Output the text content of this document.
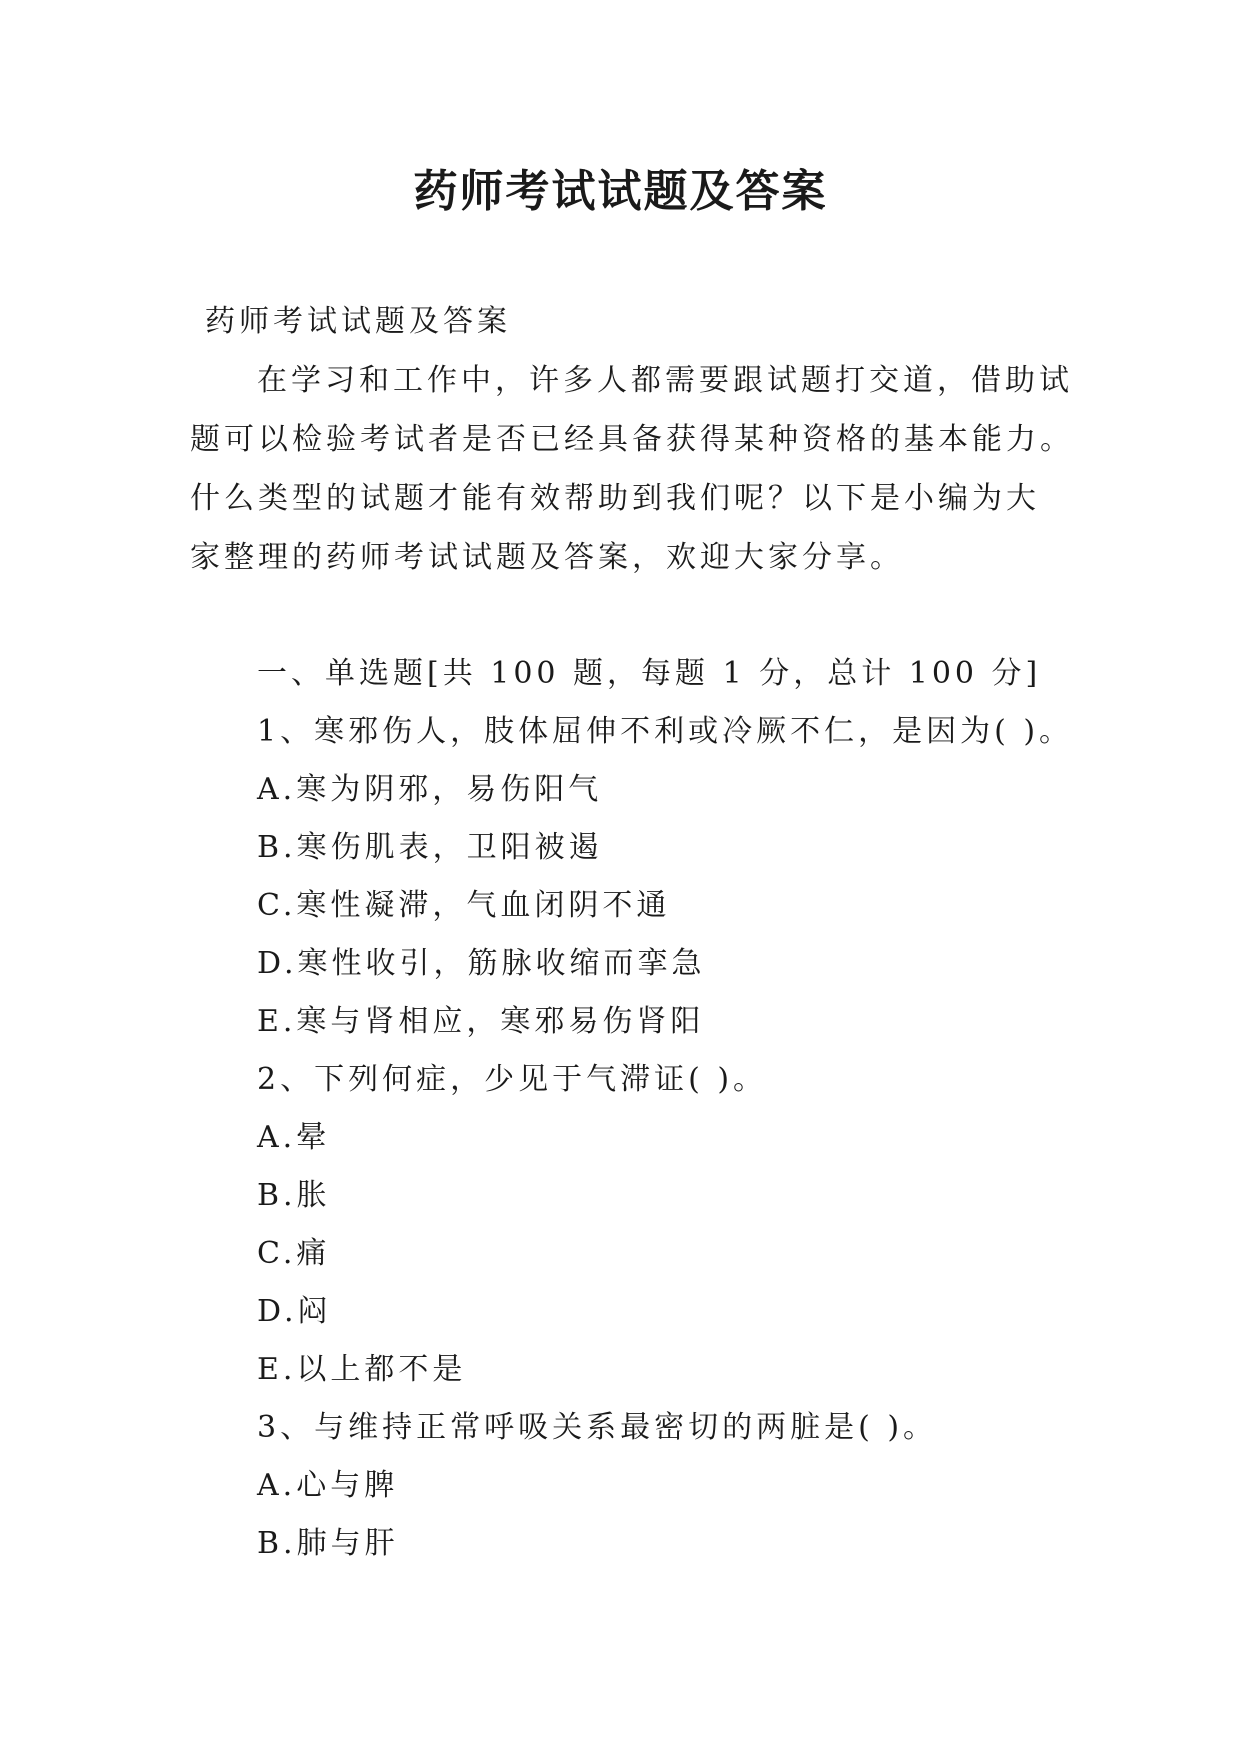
药师考试试题及答案
药师考试试题及答案
在学习和工作中，许多人都需要跟试题打交道，借助试
题可以检验考试者是否已经具备获得某种资格的基本能力。
什么类型的试题才能有效帮助到我们呢？以下是小编为大
家整理的药师考试试题及答案，欢迎大家分享。
一、单选题[共 100 题，每题 1 分，总计 100 分]
1、寒邪伤人，肢体屈伸不利或冷厥不仁，是因为( )。
A.寒为阴邪，易伤阳气
B.寒伤肌表，卫阳被遏
C.寒性凝滞，气血闭阴不通
D.寒性收引，筋脉收缩而挛急
E.寒与肾相应，寒邪易伤肾阳
2、下列何症，少见于气滞证( )。
A.晕
B.胀
C.痛
D.闷
E.以上都不是
3、与维持正常呼吸关系最密切的两脏是( )。
A.心与脾
B.肺与肝
